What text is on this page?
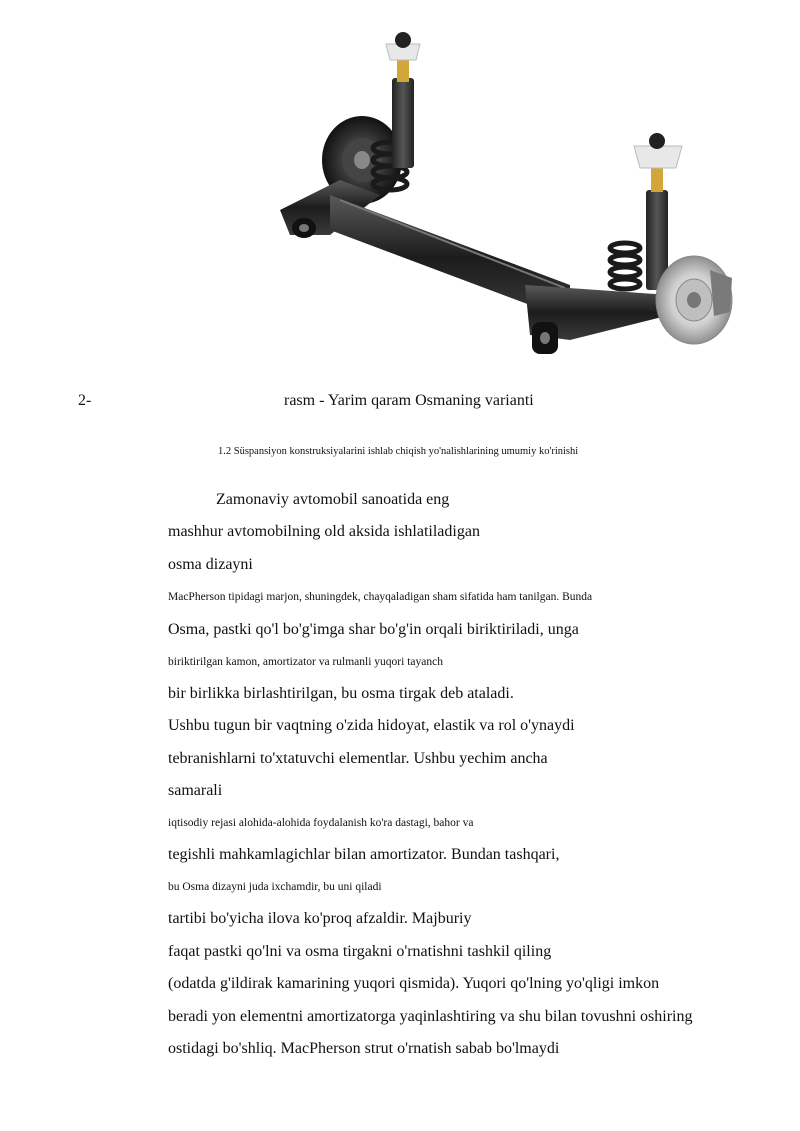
2-	rasm - Yarim qaram Osmaning varianti
1.2 Süspansiyon konstruksiyalarini ishlab chiqish yo'nalishlarining umumiy ko'rinishi
Zamonaviy avtomobil sanoatida eng
mashhur avtomobilning old aksida ishlatiladigan
osma dizayni
MacPherson tipidagi marjon, shuningdek, chayqaladigan sham sifatida ham tanilgan. Bunda
Osma, pastki qo'l bo'g'imga shar bo'g'in orqali biriktiriladi, unga
biriktirilgan kamon, amortizator va rulmanli yuqori tayanch
bir birlikka birlashtirilgan, bu osma tirgak deb ataladi.
Ushbu tugun bir vaqtning o'zida hidoyat, elastik va rol o'ynaydi
tebranishlarni to'xtatuvchi elementlar. Ushbu yechim ancha
samarali
iqtisodiy rejasi alohida-alohida foydalanish ko'ra dastagi, bahor va
tegishli mahkamlagichlar bilan amortizator. Bundan tashqari,
bu Osma dizayni juda ixchamdir, bu uni qiladi
tartibi bo'yicha ilova ko'proq afzaldir. Majburiy
faqat pastki qo'lni va osma tirgakni o'rnatishni tashkil qiling
(odatda g'ildirak kamarining yuqori qismida). Yuqori qo'lning yo'qligi imkon
beradi yon elementni amortizatorga yaqinlashtiring va shu bilan tovushni oshiring
ostidagi bo'shliq. MacPherson strut o'rnatish sabab bo'lmaydi
